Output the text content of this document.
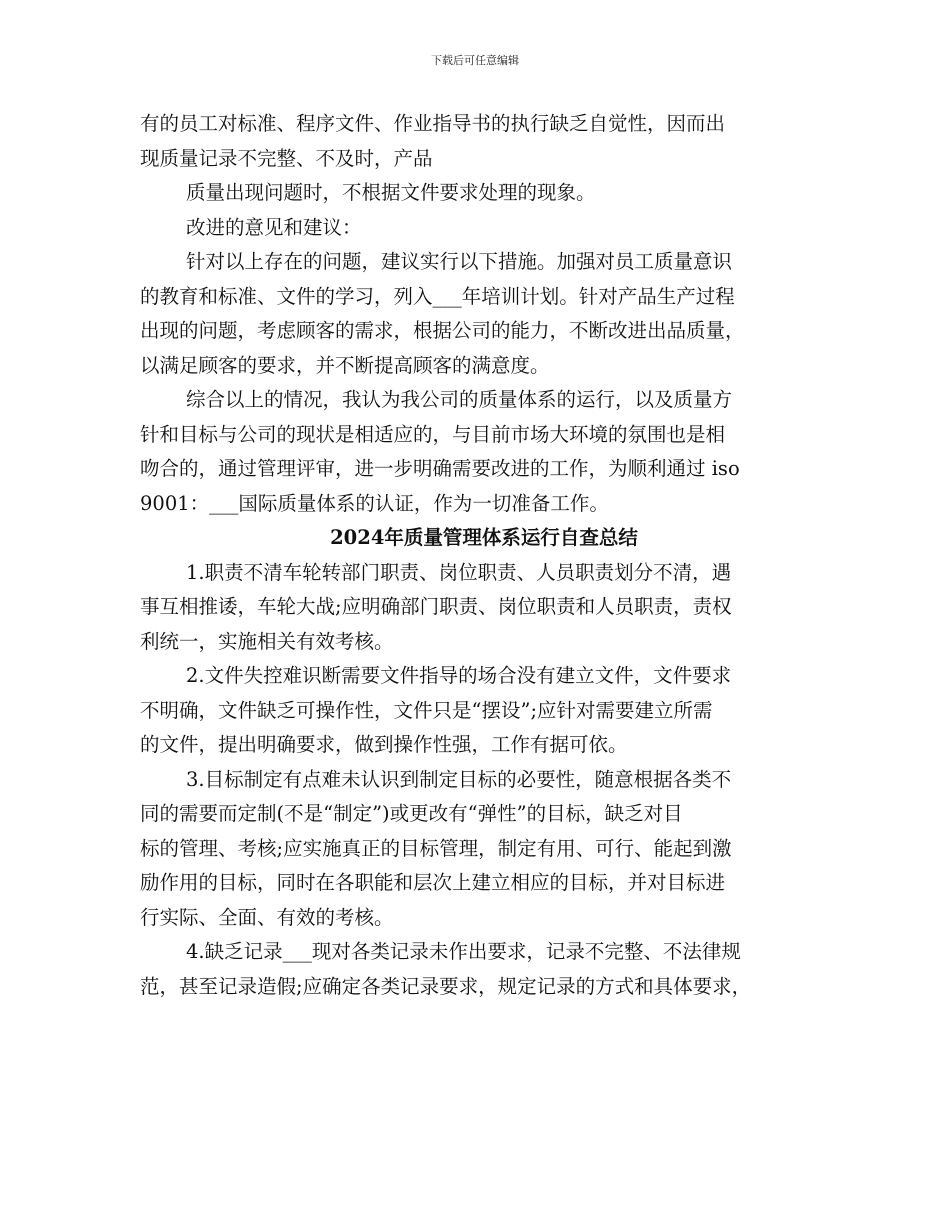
下载后可任意编辑
有的员工对标准、程序文件、作业指导书的执行缺乏自觉性，因而出
现质量记录不完整、不及时，产品
质量出现问题时，不根据文件要求处理的现象。
改进的意见和建议：
针对以上存在的问题，建议实行以下措施。加强对员工质量意识
的教育和标准、文件的学习，列入___年培训计划。针对产品生产过程
出现的问题，考虑顾客的需求，根据公司的能力，不断改进出品质量，
以满足顾客的要求，并不断提高顾客的满意度。
综合以上的情况，我认为我公司的质量体系的运行，以及质量方
针和目标与公司的现状是相适应的，与目前市场大环境的氛围也是相
吻合的，通过管理评审，进一步明确需要改进的工作，为顺利通过 iso
9001：___国际质量体系的认证，作为一切准备工作。
2024年质量管理体系运行自查总结
1.职责不清车轮转部门职责、岗位职责、人员职责划分不清，遇
事互相推诿，车轮大战;应明确部门职责、岗位职责和人员职责，责权
利统一，实施相关有效考核。
2.文件失控难识断需要文件指导的场合没有建立文件，文件要求
不明确，文件缺乏可操作性，文件只是“摆设”;应针对需要建立所需
的文件，提出明确要求，做到操作性强，工作有据可依。
3.目标制定有点难未认识到制定目标的必要性，随意根据各类不
同的需要而定制(不是“制定”)或更改有“弹性”的目标，缺乏对目
标的管理、考核;应实施真正的目标管理，制定有用、可行、能起到激
励作用的目标，同时在各职能和层次上建立相应的目标，并对目标进
行实际、全面、有效的考核。
4.缺乏记录___现对各类记录未作出要求，记录不完整、不法律规
范，甚至记录造假;应确定各类记录要求，规定记录的方式和具体要求，
